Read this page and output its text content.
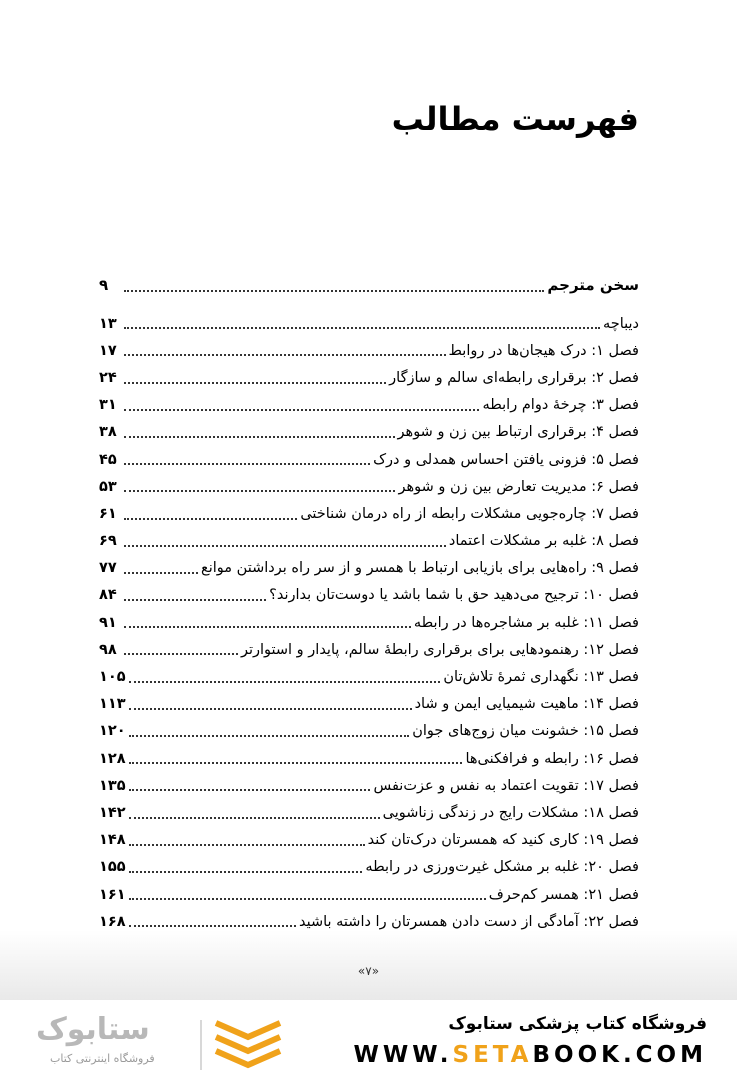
فهرست مطالب
سخن مترجم
۹
دیباچه
۱۳
فصل ۱: درک هیجان‌ها در روابط
۱۷
فصل ۲: برقراری رابطه‌ای سالم و سازگار
۲۴
فصل ۳: چرخهٔ دوام رابطه
۳۱
فصل ۴: برقراری ارتباط بین زن و شوهر
۳۸
فصل ۵: فزونی یافتن احساس همدلی و درک
۴۵
فصل ۶: مدیریت تعارض بین زن و شوهر
۵۳
فصل ۷: چاره‌جویی مشکلات رابطه از راه درمان شناختی
۶۱
فصل ۸: غلبه بر مشکلات اعتماد
۶۹
فصل ۹: راه‌هایی برای بازیابی ارتباط با همسر و از سر راه برداشتن موانع
۷۷
فصل ۱۰: ترجیح می‌دهید حق با شما باشد یا دوست‌تان بدارند؟
۸۴
فصل ۱۱: غلبه بر مشاجره‌ها در رابطه
۹۱
فصل ۱۲: رهنمودهایی برای برقراری رابطهٔ سالم، پایدار و استوارتر
۹۸
فصل ۱۳: نگهداری ثمرهٔ تلاش‌تان
۱۰۵
فصل ۱۴: ماهیت شیمیایی ایمن و شاد
۱۱۳
فصل ۱۵: خشونت میان زوج‌های جوان
۱۲۰
فصل ۱۶: رابطه و فرافکنی‌ها
۱۲۸
فصل ۱۷: تقویت اعتماد به نفس و عزت‌نفس
۱۳۵
فصل ۱۸: مشکلات رایج در زندگی زناشویی
۱۴۲
فصل ۱۹: کاری کنید که همسرتان درک‌تان کند
۱۴۸
فصل ۲۰: غلبه بر مشکل غیرت‌ورزی در رابطه
۱۵۵
فصل ۲۱: همسر کم‌حرف
۱۶۱
فصل ۲۲: آمادگی از دست دادن همسرتان را داشته باشید
۱۶۸
«۷»
ستابوک
فروشگاه اینترنتی کتاب
فروشگاه کتاب پزشکی ستابوک
WWW.SETABOOK.COM
